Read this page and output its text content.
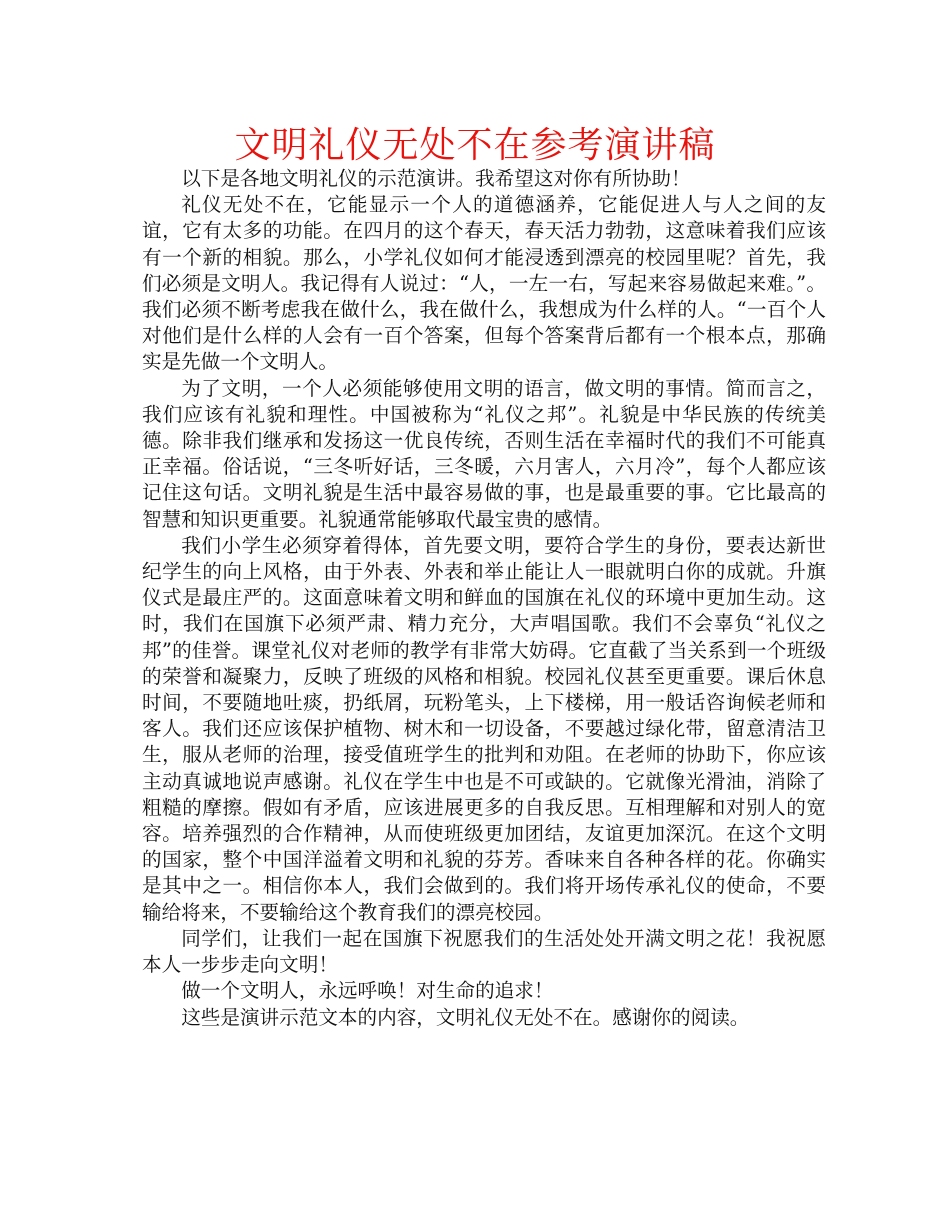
文明礼仪无处不在参考演讲稿

以下是各地文明礼仪的示范演讲。我希望这对你有所协助！

礼仪无处不在，它能显示一个人的道德涵养，它能促进人与人之间的友谊，它有太多的功能。在四月的这个春天，春天活力勃勃，这意味着我们应该有一个新的相貌。那么，小学礼仪如何才能浸透到漂亮的校园里呢？首先，我们必须是文明人。我记得有人说过：“人，一左一右，写起来容易做起来难。”。我们必须不断考虑我在做什么，我在做什么，我想成为什么样的人。“一百个人对他们是什么样的人会有一百个答案，但每个答案背后都有一个根本点，那确实是先做一个文明人。

为了文明，一个人必须能够使用文明的语言，做文明的事情。简而言之，我们应该有礼貌和理性。中国被称为“礼仪之邦”。礼貌是中华民族的传统美德。除非我们继承和发扬这一优良传统，否则生活在幸福时代的我们不可能真正幸福。俗话说，“三冬听好话，三冬暖，六月害人，六月冷”，每个人都应该记住这句话。文明礼貌是生活中最容易做的事，也是最重要的事。它比最高的智慧和知识更重要。礼貌通常能够取代最宝贵的感情。

我们小学生必须穿着得体，首先要文明，要符合学生的身份，要表达新世纪学生的向上风格，由于外表、外表和举止能让人一眼就明白你的成就。升旗仪式是最庄严的。这面意味着文明和鲜血的国旗在礼仪的环境中更加生动。这时，我们在国旗下必须严肃、精力充分，大声唱国歌。我们不会辜负“礼仪之邦”的佳誉。课堂礼仪对老师的教学有非常大妨碍。它直截了当关系到一个班级的荣誉和凝聚力，反映了班级的风格和相貌。校园礼仪甚至更重要。课后休息时间，不要随地吐痰，扔纸屑，玩粉笔头，上下楼梯，用一般话咨询候老师和客人。我们还应该保护植物、树木和一切设备，不要越过绿化带，留意清洁卫生，服从老师的治理，接受值班学生的批判和劝阻。在老师的协助下，你应该主动真诚地说声感谢。礼仪在学生中也是不可或缺的。它就像光滑油，消除了粗糙的摩擦。假如有矛盾，应该进展更多的自我反思。互相理解和对别人的宽容。培养强烈的合作精神，从而使班级更加团结，友谊更加深沉。在这个文明的国家，整个中国洋溢着文明和礼貌的芬芳。香味来自各种各样的花。你确实是其中之一。相信你本人，我们会做到的。我们将开场传承礼仪的使命，不要输给将来，不要输给这个教育我们的漂亮校园。

同学们，让我们一起在国旗下祝愿我们的生活处处开满文明之花！我祝愿本人一步步走向文明！

做一个文明人，永远呼唤！对生命的追求！

这些是演讲示范文本的内容，文明礼仪无处不在。感谢你的阅读。
